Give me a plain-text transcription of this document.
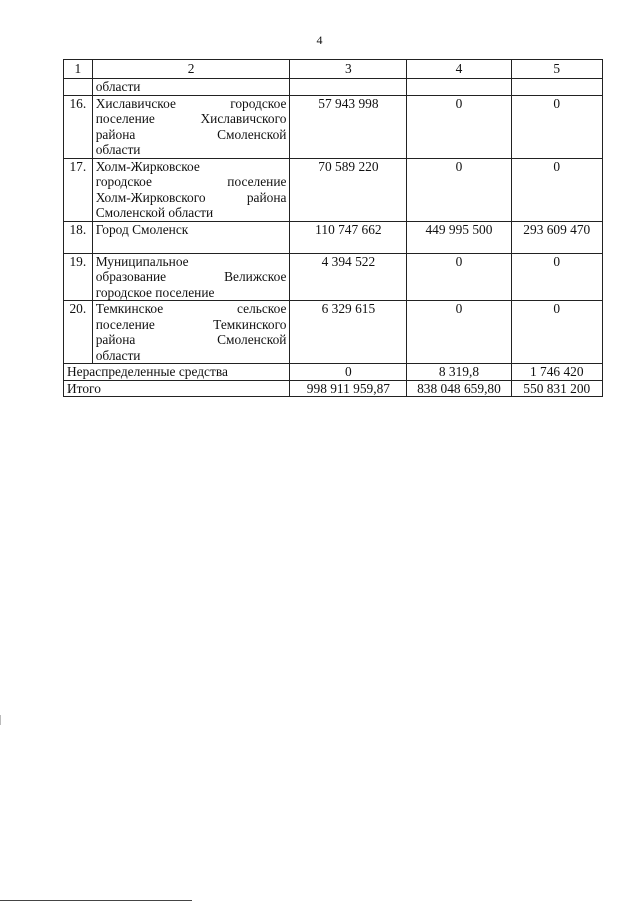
4
1	2	3	4	5

	области			

16.	Хиславичское городское
поселение Хиславичского
района Смоленской
области	57 943 998	0	0
17.	Холм-Жирковское
городское поселение
Холм-Жирковского района
Смоленской области	70 589 220	0	0
18.	Город Смоленск	110 747 662	449 995 500	293 609 470
19.	Муниципальное
образование Велижское
городское поселение	4 394 522	0	0
20.	Темкинское сельское
поселение Темкинского
района Смоленской
области	6 329 615	0	0
Нераспределенные средства		0	8 319,8	1 746 420
Итого		998 911 959,87	838 048 659,80	550 831 200
